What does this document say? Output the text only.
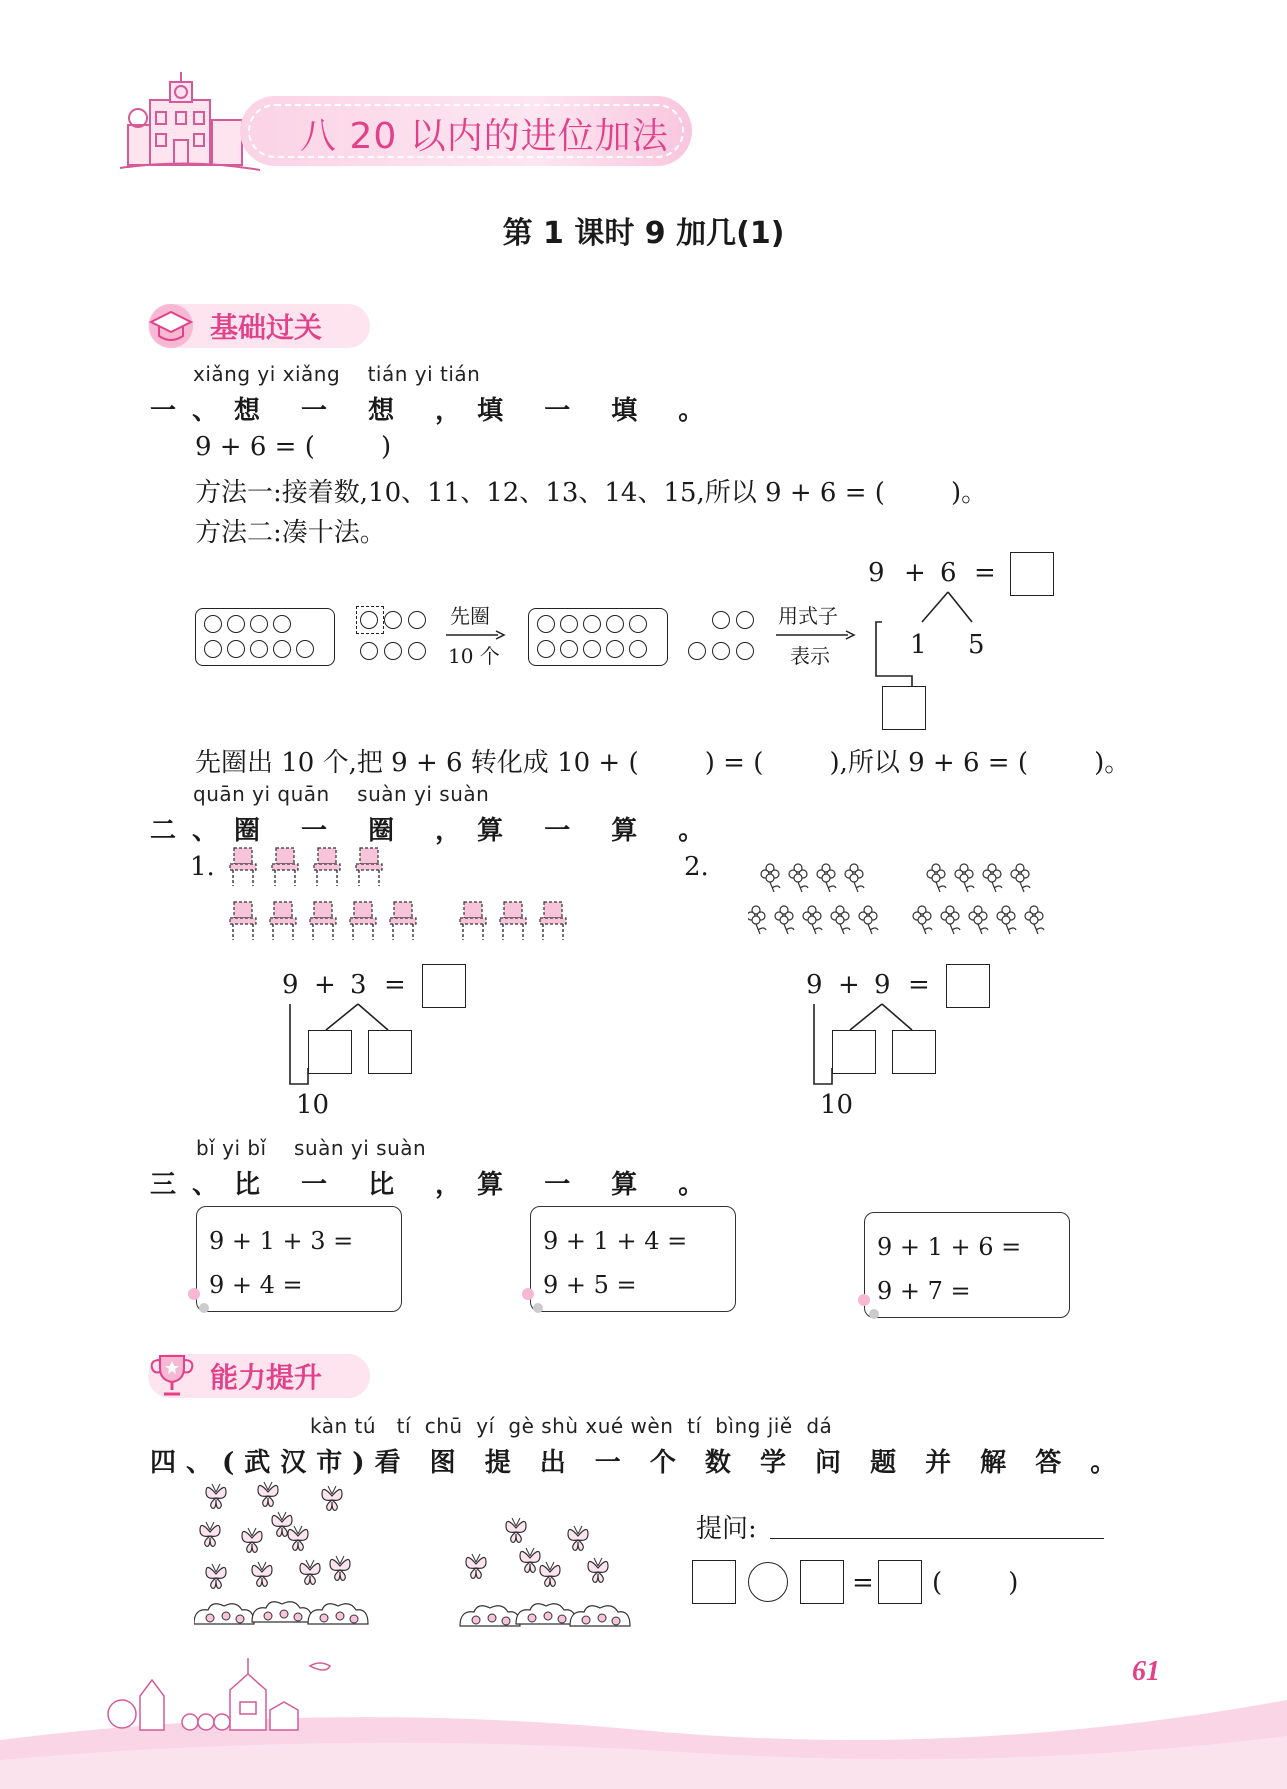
八 20 以内的进位加法
第 1 课时 9 加几(1)
基础过关
xiǎng yi xiǎng    tián yi tián
一、想 一 想 ，填 一 填 。
9 + 6 = (        )
方法一:接着数,10、11、12、13、14、15,所以 9 + 6 = (        )。
方法二:凑十法。
先圈
10 个
用式子
表示
9 + 6 =
1 5
先圈出 10 个,把 9 + 6 转化成 10 + (        ) = (        ),所以 9 + 6 = (        )。
quān yi quān    suàn yi suàn
二、圈 一 圈 ，算 一 算 。
1.
9 + 3 =
10
2.
9 + 9 =
10
bǐ yi bǐ    suàn yi suàn
三、比 一 比 ，算 一 算 。
9 + 1 + 3 =
9 + 4 =
9 + 1 + 4 =
9 + 5 =
9 + 1 + 6 =
9 + 7 =
能力提升
kàn tú   tí  chū  yí  gè shù xué wèn  tí  bìng jiě  dá
四、(武汉市)看 图 提 出 一 个 数 学 问 题 并 解 答 。
提问:
= (        )
61
